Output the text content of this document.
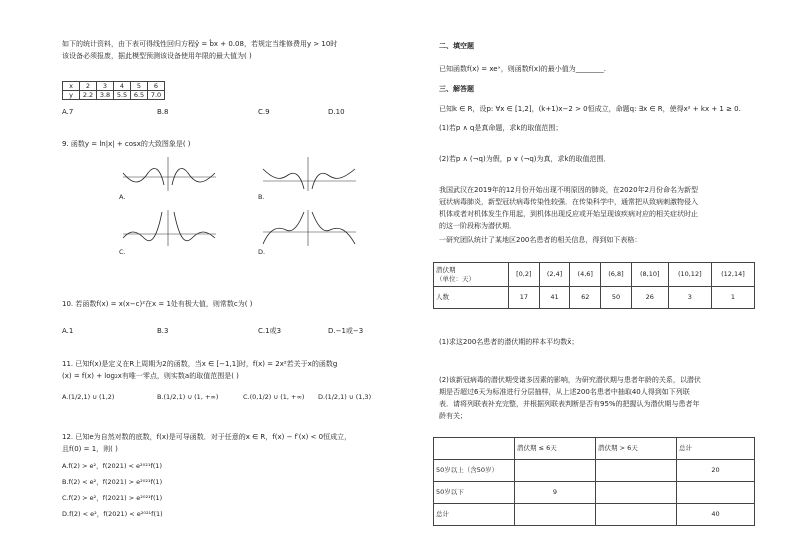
如下的统计资料，由下表可得线性回归方程ŷ = b̂x + 0.08，若规定当维修费用y > 10时
该设备必须报废，据此模型预测该设备使用年限的最大值为( )
x	2	3	4	5	6
y	2.2	3.8	5.5	6.5	7.0
A.7	B.8	C.9	D.10
9. 函数y = ln|x| + cosx的大致图象是( )
A.	B.
C.	D.
10. 若函数f(x) = x(x−c)²在x = 1处有极大值，则常数c为( )
A.1	B.3	C.1或3	D.−1或−3
11. 已知f(x)是定义在R上周期为2的函数，当x ∈ [−1,1]时，f(x) = 2x²若关于x的函数g
(x) = f(x) + log₂x有唯一零点，则实数a的取值范围是( )
A.(1/2,1) ∪ (1,2)	B.(1/2,1) ∪ (1, +∞)	C.(0,1/2) ∪ (1, +∞) D.(1/2,1) ∪ (1,3)
12. 已知e为自然对数的底数，f(x)是可导函数．对于任意的x ∈ R，f(x) − f′(x) < 0恒成立，
且f(0) = 1，则( )
A.f(2) > e²，f(2021) < e²⁰²¹f(1)
B.f(2) < e²，f(2021) > e²⁰²¹f(1)
C.f(2) > e²，f(2021) > e²⁰²¹f(1)
D.f(2) < e²，f(2021) < e²⁰²¹f(1)
二、填空题
已知函数f(x) = xeˣ，则函数f(x)的最小值为________.
三、解答题
已知k ∈ R，设p: ∀x ∈ [1,2]，(k+1)x−2 > 0恒成立，命题q: ∃x ∈ R，使得x² + kx + 1 ≥ 0.
(1)若p ∧ q是真命题，求k的取值范围；
(2)若p ∧ (¬q)为假，p ∨ (¬q)为真，求k的取值范围．
我国武汉在2019年的12月份开始出现不明原因的肺炎，在2020年2月份命名为新型
冠状病毒肺炎，新型冠状病毒传染性较强．在传染科学中，通常把从致病刺激物侵入
机体或者对机体发生作用起，到机体出现反应或开始呈现该疾病对应的相关症状时止
的这一阶段称为潜伏期．
一研究团队统计了某地区200名患者的相关信息，得到如下表格：
潜伏期
（单位：天）	[0,2]	(2,4]	(4,6]	(6,8]	(8,10]	(10,12]	(12,14]
人数	17	41	62	50	26	3	1
(1)求这200名患者的潜伏期的样本平均数x̄；
(2)该新冠病毒的潜伏期受诸多因素的影响，为研究潜伏期与患者年龄的关系，以潜伏
期是否超过6天为标准进行分层抽样，从上述200名患者中抽取40人得到如下列联
表．请将列联表补充完整，并根据列联表判断是否有95%的把握认为潜伏期与患者年
龄有关；
	潜伏期 ≤ 6天	潜伏期 > 6天	总计
50岁以上（含50岁）			20
50岁以下	9		
总计			40
